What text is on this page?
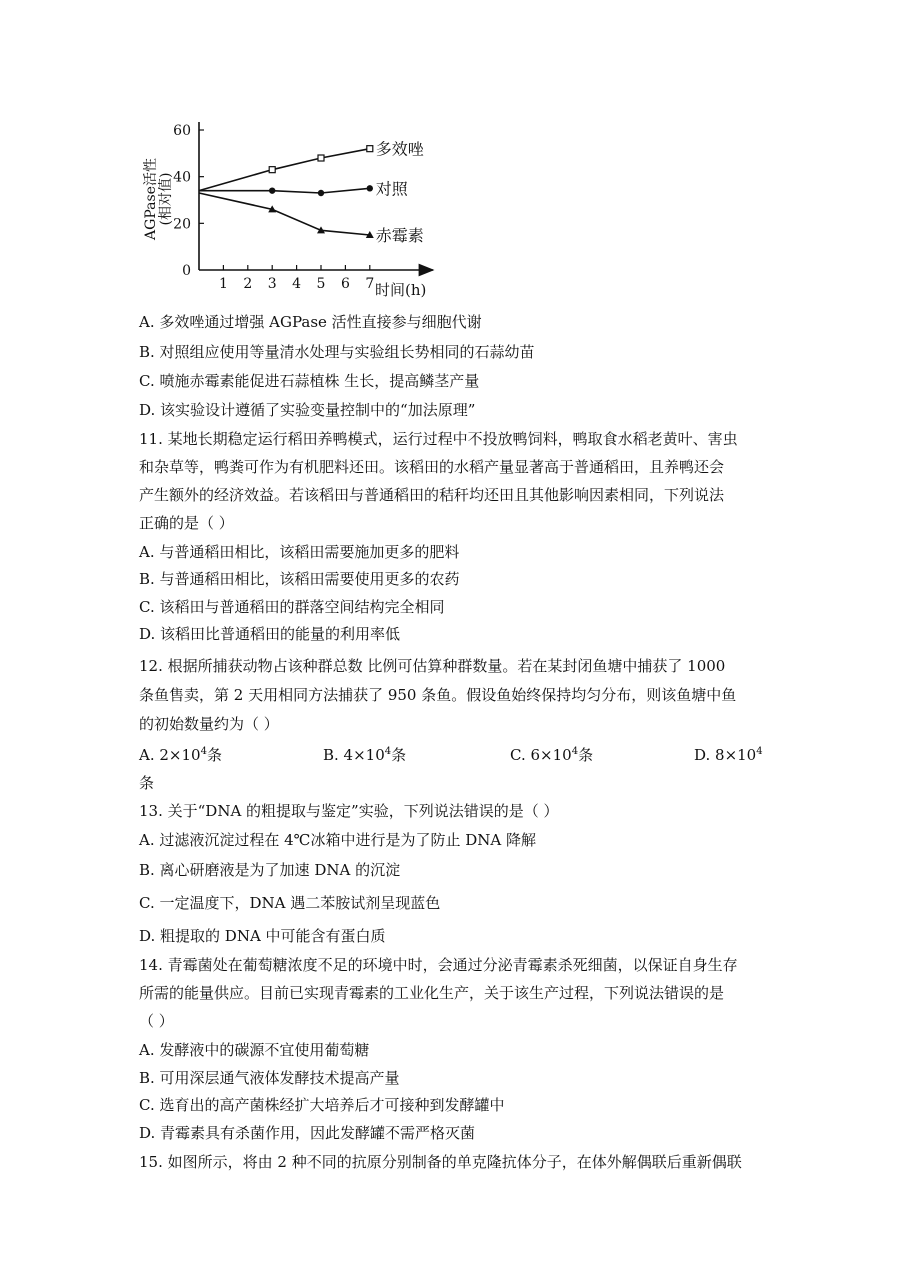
0
20
40
60
1 2 3 4 5 6 7
多效唑
对照
赤霉素
AGPase活性 (相对值)
时间(h)
A. 多效唑通过增强 AGPase 活性直接参与细胞代谢
B. 对照组应使用等量清水处理与实验组长势相同的石蒜幼苗
C. 喷施赤霉素能促进石蒜植株 生长，提高鳞茎产量
D. 该实验设计遵循了实验变量控制中的“加法原理”
11. 某地长期稳定运行稻田养鸭模式，运行过程中不投放鸭饲料，鸭取食水稻老黄叶、害虫
和杂草等，鸭粪可作为有机肥料还田。该稻田的水稻产量显著高于普通稻田，且养鸭还会
产生额外的经济效益。若该稻田与普通稻田的秸秆均还田且其他影响因素相同，下列说法
正确的是（ ）
A. 与普通稻田相比，该稻田需要施加更多的肥料
B. 与普通稻田相比，该稻田需要使用更多的农药
C. 该稻田与普通稻田的群落空间结构完全相同
D. 该稻田比普通稻田的能量的利用率低
12. 根据所捕获动物占该种群总数 比例可估算种群数量。若在某封闭鱼塘中捕获了 1000
条鱼售卖，第 2 天用相同方法捕获了 950 条鱼。假设鱼始终保持均匀分布，则该鱼塘中鱼
的初始数量约为（ ）
A. $2\times 10^4$条	B. $4\times 10^4$条	C. $6\times 10^4$条	D. $8\times 10^4$
条
13. 关于“DNA 的粗提取与鉴定”实验，下列说法错误的是（ ）
A. 过滤液沉淀过程在 4℃冰箱中进行是为了防止 DNA 降解
B. 离心研磨液是为了加速 DNA 的沉淀
C. 一定温度下，DNA 遇二苯胺试剂呈现蓝色
D. 粗提取的 DNA 中可能含有蛋白质
14. 青霉菌处在葡萄糖浓度不足的环境中时，会通过分泌青霉素杀死细菌，以保证自身生存
所需的能量供应。目前已实现青霉素的工业化生产，关于该生产过程，下列说法错误的是
（ ）
A. 发酵液中的碳源不宜使用葡萄糖
B. 可用深层通气液体发酵技术提高产量
C. 选育出的高产菌株经扩大培养后才可接种到发酵罐中
D. 青霉素具有杀菌作用，因此发酵罐不需严格灭菌
15. 如图所示，将由 2 种不同的抗原分别制备的单克隆抗体分子，在体外解偶联后重新偶联
